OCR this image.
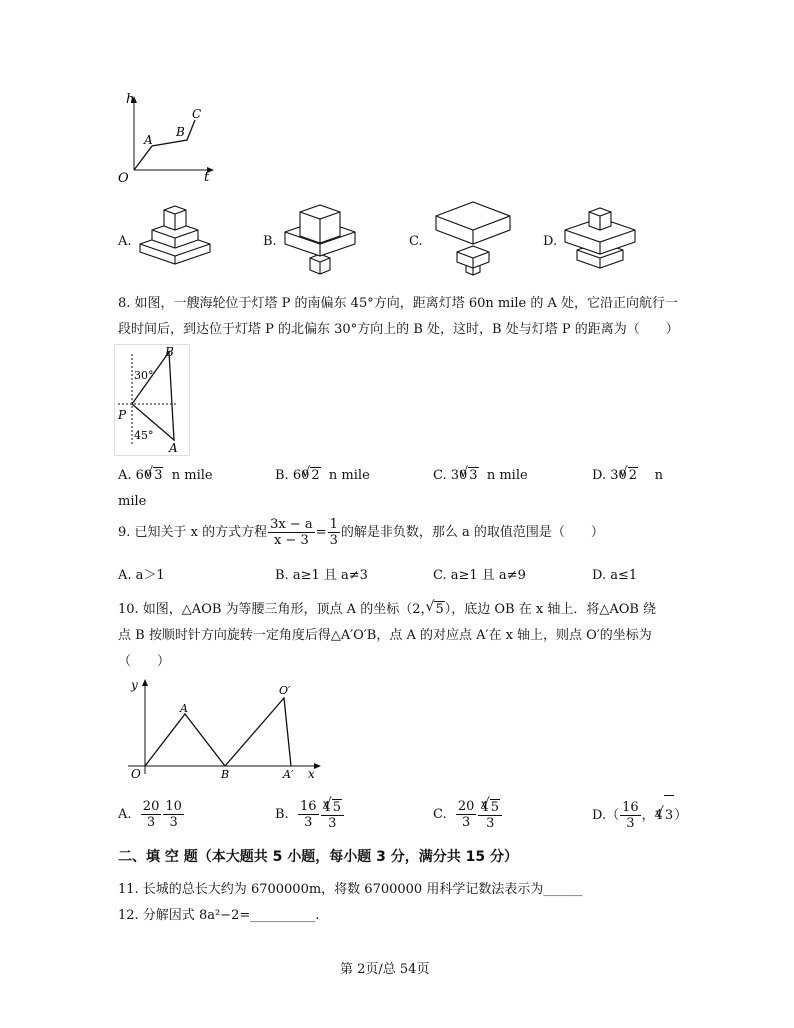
h
t
O
A
B
C
A.	B.	C.	D.
8. 如图，一艘海轮位于灯塔 P 的南偏东 45°方向，距离灯塔 60n mile 的 A 处，它沿正向航行一
段时间后，到达位于灯塔 P 的北偏东 30°方向上的 B 处，这时，B 处与灯塔 P 的距离为（　　）
B
P
A
30°
45°
A. 60 √ 3 n mile	B. 60 √ 2 n mile	C. 30 √ 3 n mile	D. 30 √ 2 n
mile
9. 已知关于 x 的方式方程 $\frac{3x - a}{x - 3} = \frac{1}{3}$ 的解是非负数，那么 a 的取值范围是（　　）
A. a＞1	B. a≥1 且 a≠3	C. a≥1 且 a≠9	D. a≤1
10. 如图，△AOB 为等腰三角形，顶点 A 的坐标（2， √ 5），底边 OB 在 x 轴上．将△AOB 绕
点 B 按顺时针方向旋转一定角度后得△A′O′B，点 A 的对应点 A′在 x 轴上，则点 O′的坐标为
（　　）
y
x
O
A
B
O′
A′
A. $\frac{20}{3} \frac{10}{3}$	B. $\frac{16}{3} \frac{4 √ 5}{3}$	C. $\frac{20}{3} \frac{4 √ 5}{3}$	$D.( \frac{16}{3}$ ，4 √ 3）
二、填 空 题（本大题共 5 小题，每小题 3 分，满分共 15 分）
11. 长城的总长大约为 6700000m，将数 6700000 用科学记数法表示为______
12. 分解因式 8a²−2=__________.
第 2页/总 54页
